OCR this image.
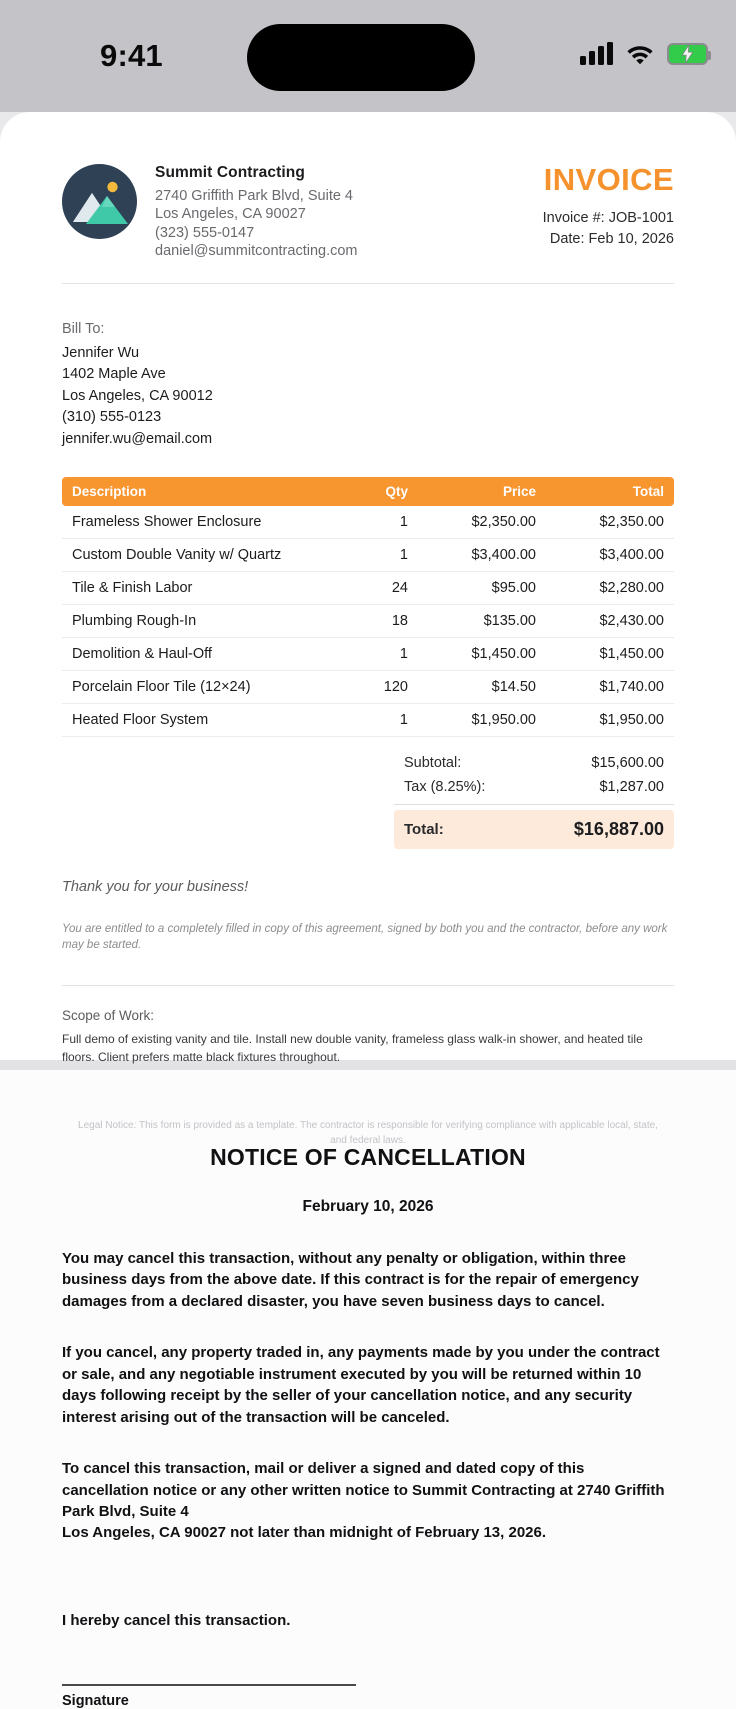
9:41
Summit Contracting
2740 Griffith Park Blvd, Suite 4
Los Angeles, CA 90027
(323) 555-0147
daniel@summitcontracting.com
INVOICE
Invoice #: JOB-1001
Date: Feb 10, 2026
Bill To:
Jennifer Wu
1402 Maple Ave
Los Angeles, CA 90012
(310) 555-0123
jennifer.wu@email.com
Description	Qty	Price	Total
Frameless Shower Enclosure	1	$2,350.00	$2,350.00
Custom Double Vanity w/ Quartz	1	$3,400.00	$3,400.00
Tile & Finish Labor	24	$95.00	$2,280.00
Plumbing Rough-In	18	$135.00	$2,430.00
Demolition & Haul-Off	1	$1,450.00	$1,450.00
Porcelain Floor Tile (12×24)	120	$14.50	$1,740.00
Heated Floor System	1	$1,950.00	$1,950.00
Subtotal:	$15,600.00
Tax (8.25%):	$1,287.00
Total:	$16,887.00
Thank you for your business!
You are entitled to a completely filled in copy of this agreement, signed by both you and the contractor, before any work may be started.
Scope of Work:
Full demo of existing vanity and tile. Install new double vanity, frameless glass walk-in shower, and heated tile floors. Client prefers matte black fixtures throughout.
Legal Notice: This form is provided as a template. The contractor is responsible for verifying compliance with applicable local, state, and federal laws.
NOTICE OF CANCELLATION
February 10, 2026
You may cancel this transaction, without any penalty or obligation, within three business days from the above date. If this contract is for the repair of emergency damages from a declared disaster, you have seven business days to cancel.
If you cancel, any property traded in, any payments made by you under the contract or sale, and any negotiable instrument executed by you will be returned within 10 days following receipt by the seller of your cancellation notice, and any security interest arising out of the transaction will be canceled.
To cancel this transaction, mail or deliver a signed and dated copy of this cancellation notice or any other written notice to Summit Contracting at 2740 Griffith Park Blvd, Suite 4
Los Angeles, CA 90027 not later than midnight of February 13, 2026.
I hereby cancel this transaction.
Signature
